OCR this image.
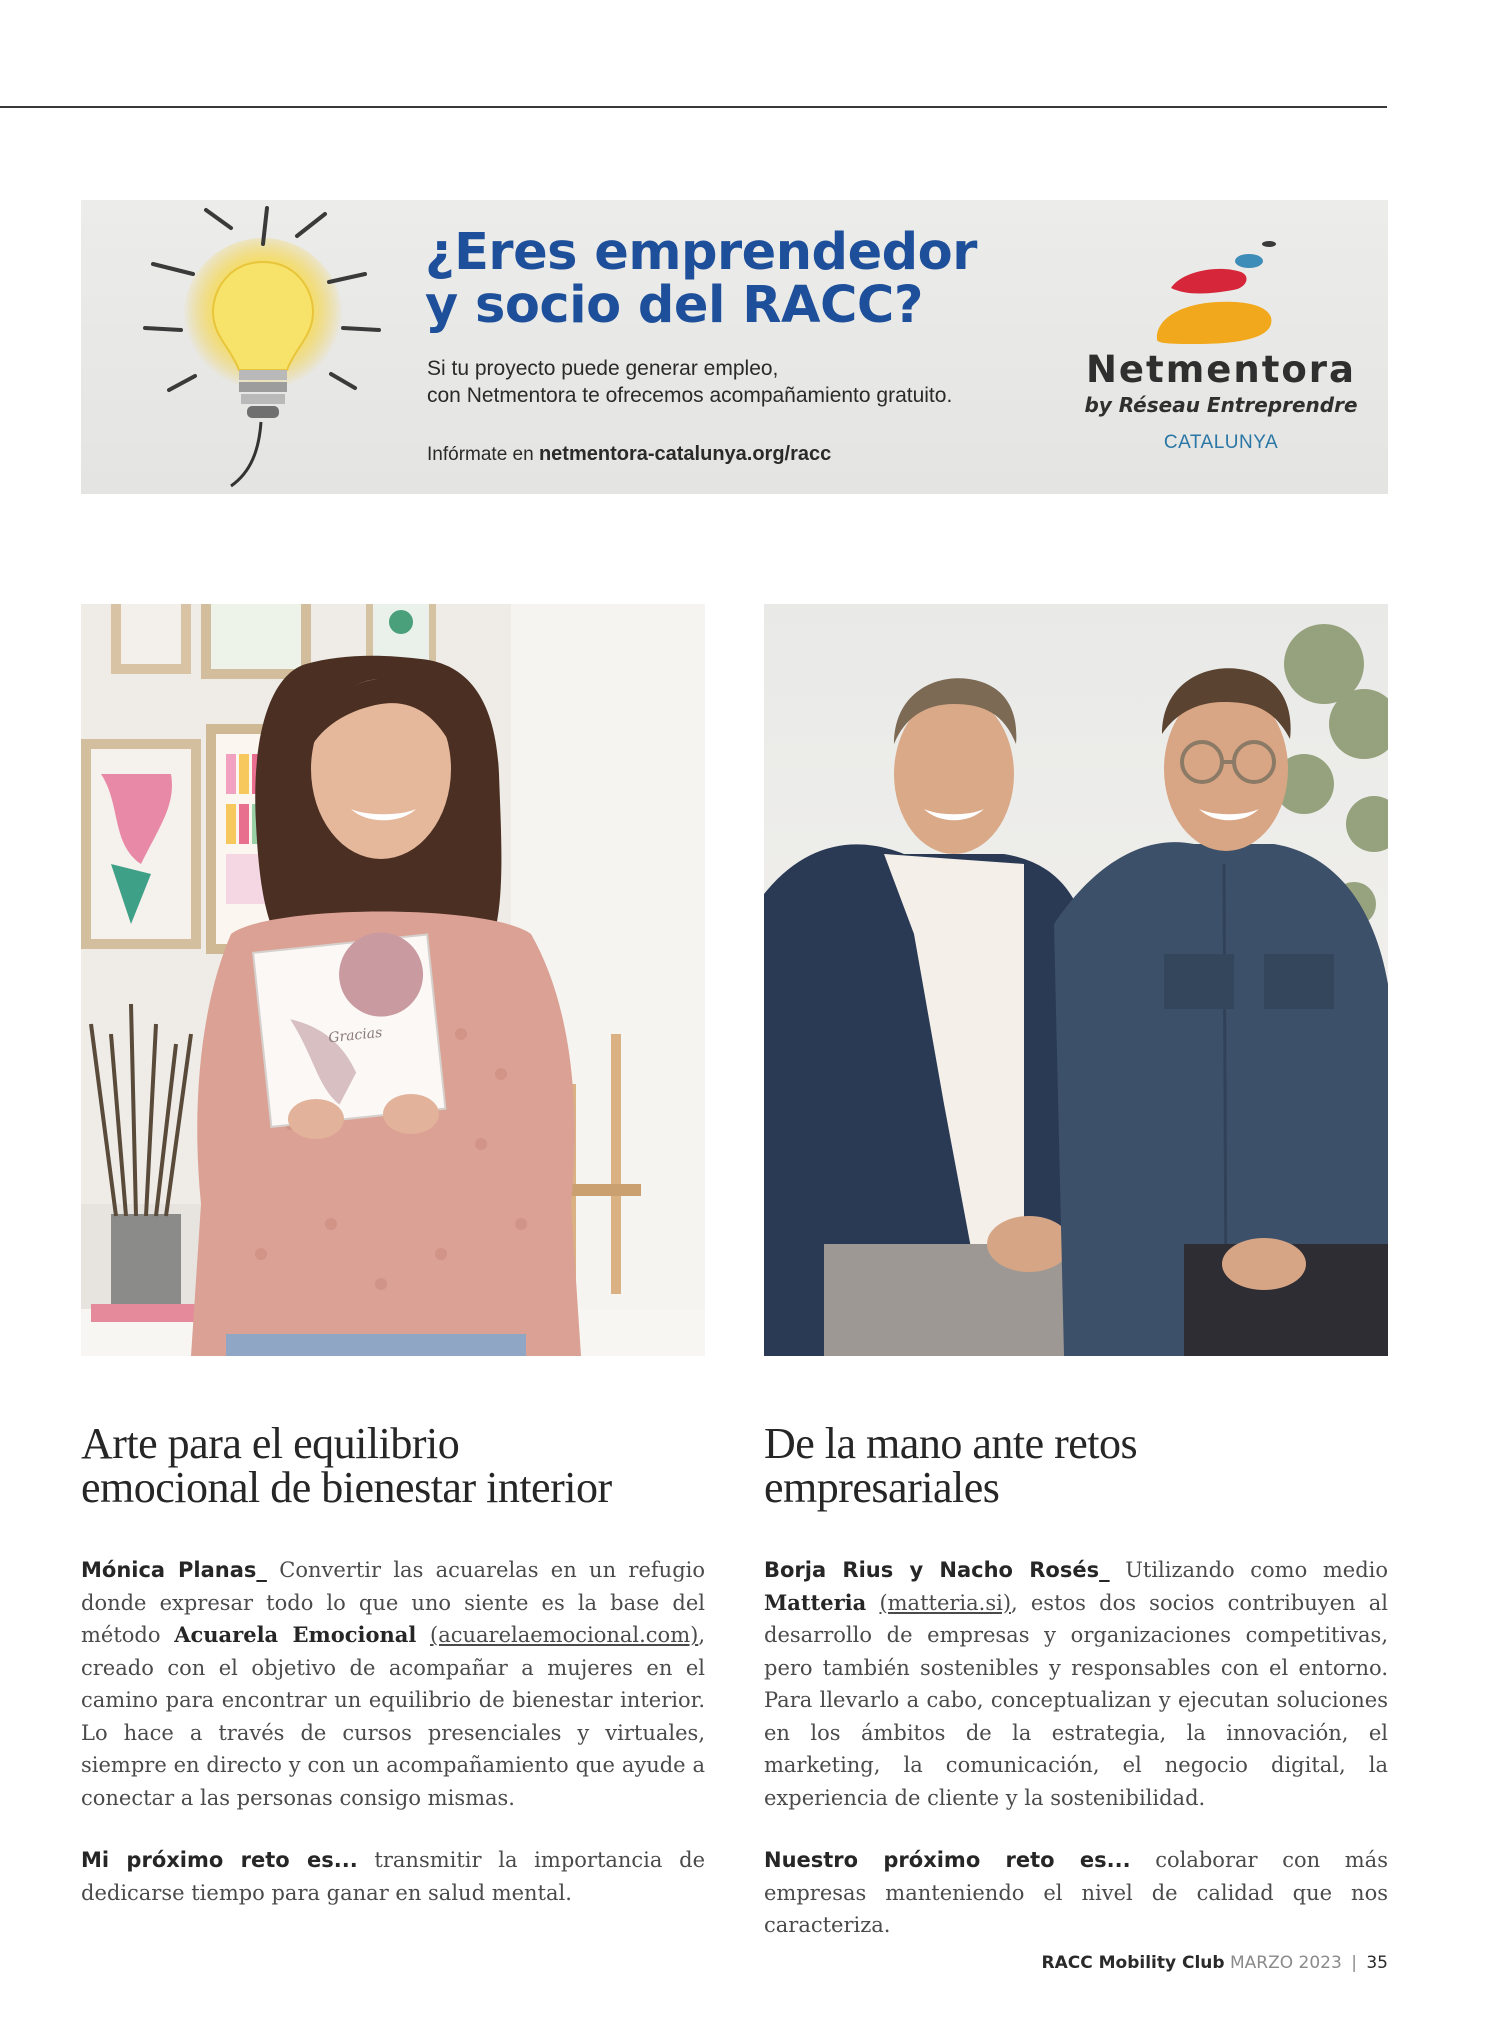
¿Eres emprendedor
y socio del RACC?
Si tu proyecto puede generar empleo,
con Netmentora te ofrecemos acompañamiento gratuito.
Infórmate en netmentora-catalunya.org/racc
Netmentora
by Réseau Entreprendre
CATALUNYA
Gracias
Arte para el equilibrio
emocional de bienestar interior

Mónica Planas_ Convertir las acuarelas en un refugio donde expresar todo lo que uno siente es la base del método Acuarela Emocional (acuarelaemocional.com), creado con el objetivo de acompañar a mujeres en el camino para encontrar un equilibrio de bienestar interior. Lo hace a través de cursos presenciales y virtuales, siempre en directo y con un acompañamiento que ayude a conectar a las personas consigo mismas.

Mi próximo reto es... transmitir la importancia de dedicarse tiempo para ganar en salud mental.

De la mano ante retos
empresariales

Borja Rius y Nacho Rosés_ Utilizando como medio Matteria (matteria.si), estos dos socios contribuyen al desarrollo de empresas y organizaciones competitivas, pero también sostenibles y responsables con el entorno. Para llevarlo a cabo, conceptualizan y ejecutan soluciones en los ámbitos de la estrategia, la innovación, el marketing, la comunicación, el negocio digital, la experiencia de cliente y la sostenibilidad.

Nuestro próximo reto es... colaborar con más empresas manteniendo el nivel de calidad que nos caracteriza.

RACC Mobility Club MARZO 2023 | 35
